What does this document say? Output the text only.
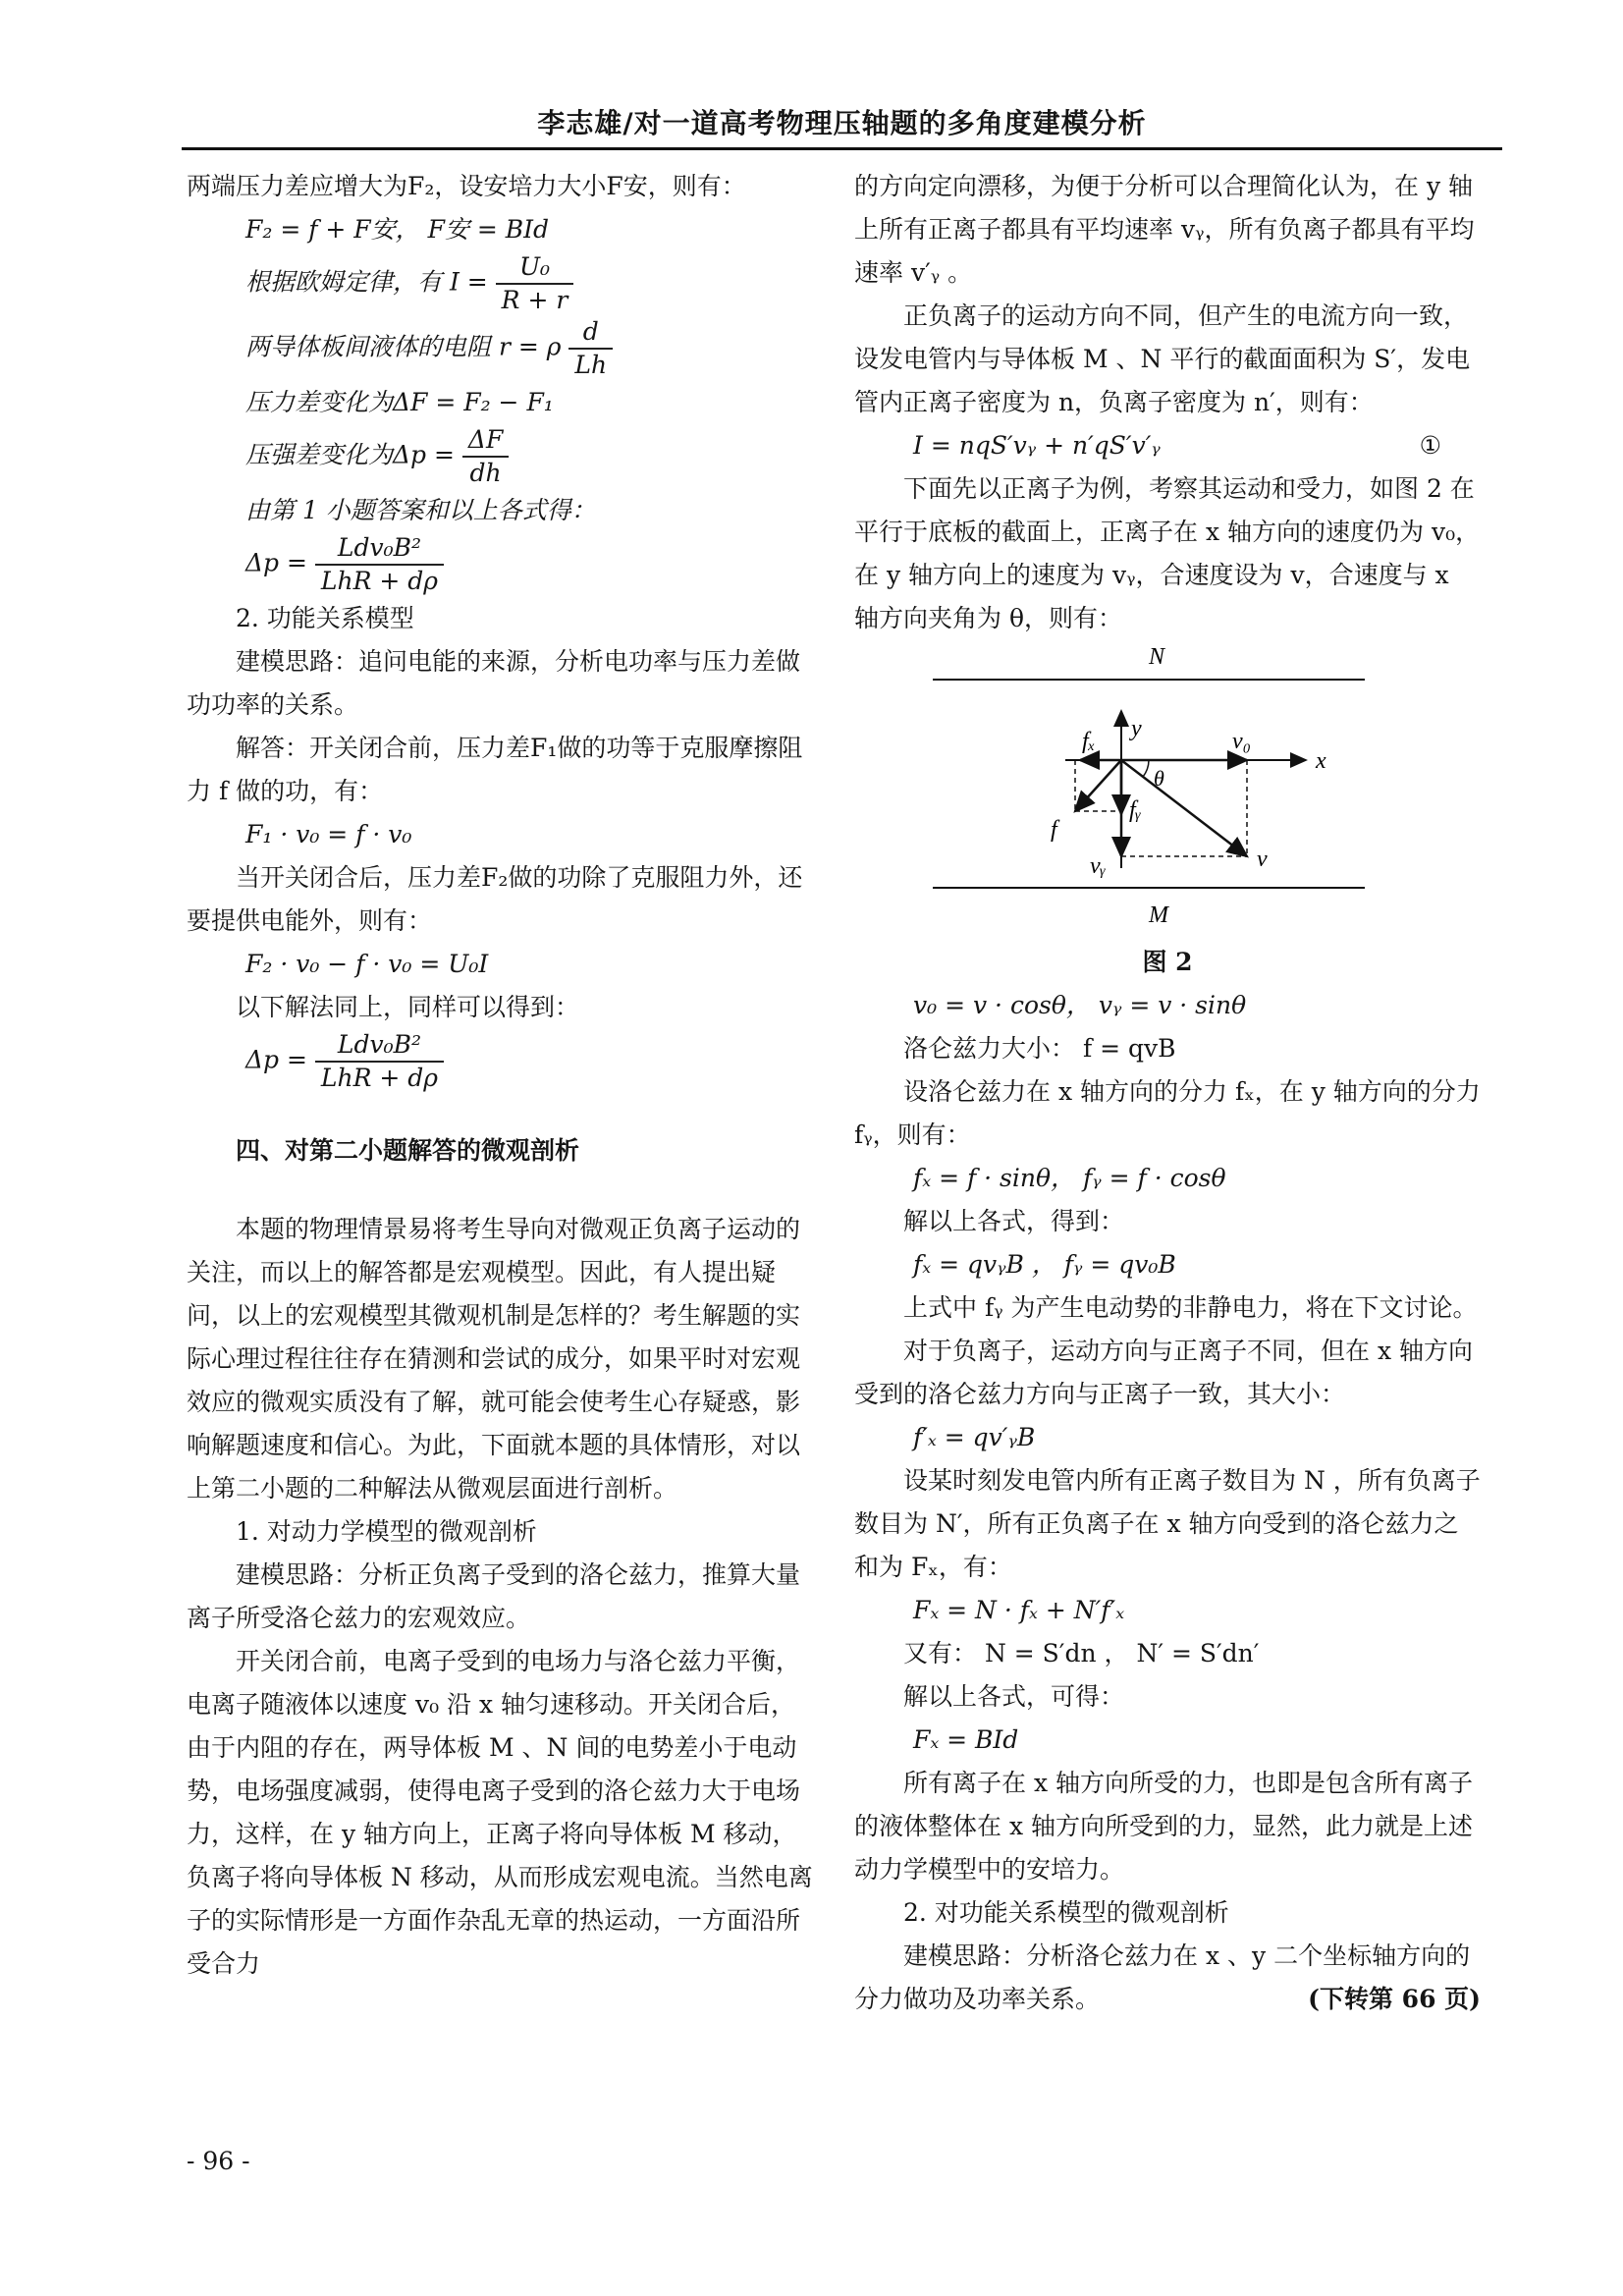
李志雄/对一道高考物理压轴题的多角度建模分析

两端压力差应增大为F₂，设安培力大小F安，则有：

F₂ = f + F安， F安 = BId

根据欧姆定律，有 $I = \frac{\text{U₀}}{R + r}$

两导体板间液体的电阻 r = ρ $\frac{d}{Lh}$

压力差变化为ΔF = F₂ − F₁

压强差变化为$\Delta p = \frac{\Delta F}{dh}$

由第 1 小题答案和以上各式得：

$\Delta p = \frac{\text{Ldv₀B²}}{\text{LhR + dρ}}$

2. 功能关系模型

建模思路：追问电能的来源，分析电功率与压力差做功功率的关系。

解答：开关闭合前，压力差F₁做的功等于克服摩擦阻力 f 做的功，有：

F₁ · v₀ = f · v₀

当开关闭合后，压力差F₂做的功除了克服阻力外，还要提供电能外，则有：

F₂ · v₀ − f · v₀ = U₀I

以下解法同上，同样可以得到：

$\Delta p = \frac{\text{Ldv₀B²}}{\text{LhR + dρ}}$

四、对第二小题解答的微观剖析

本题的物理情景易将考生导向对微观正负离子运动的关注，而以上的解答都是宏观模型。因此，有人提出疑问，以上的宏观模型其微观机制是怎样的？考生解题的实际心理过程往往存在猜测和尝试的成分，如果平时对宏观效应的微观实质没有了解，就可能会使考生心存疑惑，影响解题速度和信心。为此，下面就本题的具体情形，对以上第二小题的二种解法从微观层面进行剖析。

1. 对动力学模型的微观剖析

建模思路：分析正负离子受到的洛仑兹力，推算大量离子所受洛仑兹力的宏观效应。

开关闭合前，电离子受到的电场力与洛仑兹力平衡，电离子随液体以速度 v₀ 沿 x 轴匀速移动。开关闭合后，由于内阻的存在，两导体板 M 、N 间的电势差小于电动势，电场强度减弱，使得电离子受到的洛仑兹力大于电场力，这样，在 y 轴方向上，正离子将向导体板 M 移动，负离子将向导体板 N 移动，从而形成宏观电流。当然电离子的实际情形是一方面作杂乱无章的热运动，一方面沿所受合力

的方向定向漂移，为便于分析可以合理简化认为，在 y 轴上所有正离子都具有平均速率 vᵧ，所有负离子都具有平均速率 v′ᵧ 。

正负离子的运动方向不同，但产生的电流方向一致，设发电管内与导体板 M 、N 平行的截面面积为 S′，发电管内正离子密度为 n，负离子密度为 n′，则有：

I = nqS′vᵧ + n′qS′v′ᵧ	①

下面先以正离子为例，考察其运动和受力，如图 2 在平行于底板的截面上，正离子在 x 轴方向的速度仍为 v₀，在 y 轴方向上的速度为 vᵧ，合速度设为 v，合速度与 x 轴方向夹角为 θ，则有：

N
M
fₓ y	v₀
x
θ
f
fᵧ
vᵧ	v

图 2

v₀ = v · cosθ， vᵧ = v · sinθ

洛仑兹力大小： f = qvB

设洛仑兹力在 x 轴方向的分力 fₓ，在 y 轴方向的分力 fᵧ，则有：

fₓ = f · sinθ， fᵧ = f · cosθ

解以上各式，得到：

fₓ = qvᵧB ， fᵧ = qv₀B

上式中 fᵧ 为产生电动势的非静电力，将在下文讨论。

对于负离子，运动方向与正离子不同，但在 x 轴方向受到的洛仑兹力方向与正离子一致，其大小：

f′ₓ = qv′ᵧB

设某时刻发电管内所有正离子数目为 N ，所有负离子数目为 N′，所有正负离子在 x 轴方向受到的洛仑兹力之和为 Fₓ，有：

Fₓ = N · fₓ + N′f′ₓ

又有： N = S′dn ， N′ = S′dn′

解以上各式，可得：

Fₓ = BId

所有离子在 x 轴方向所受的力，也即是包含所有离子的液体整体在 x 轴方向所受到的力，显然，此力就是上述动力学模型中的安培力。

2. 对功能关系模型的微观剖析

建模思路：分析洛仑兹力在 x 、y 二个坐标轴方向的分力做功及功率关系。	(下转第 66 页)

- 96 -
